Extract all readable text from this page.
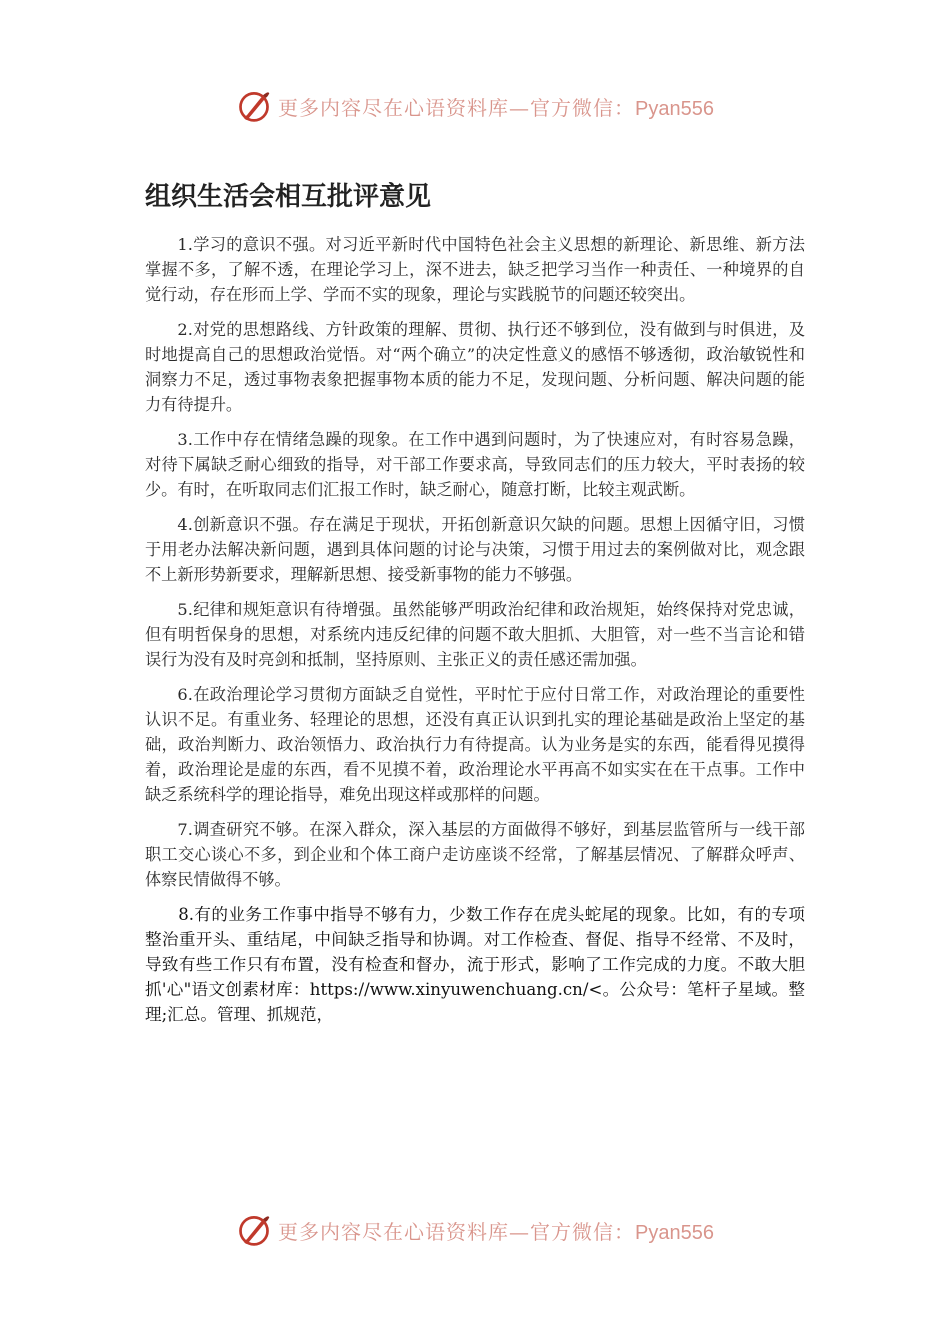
更多内容尽在心语资料库—官方微信：Pyan556
组织生活会相互批评意见

1.学习的意识不强。对习近平新时代中国特色社会主义思想的新理论、新思维、新方法掌握不多，了解不透，在理论学习上，深不进去，缺乏把学习当作一种责任、一种境界的自觉行动，存在形而上学、学而不实的现象，理论与实践脱节的问题还较突出。

2.对党的思想路线、方针政策的理解、贯彻、执行还不够到位，没有做到与时俱进，及时地提高自己的思想政治觉悟。对“两个确立”的决定性意义的感悟不够透彻，政治敏锐性和洞察力不足，透过事物表象把握事物本质的能力不足，发现问题、分析问题、解决问题的能力有待提升。

3.工作中存在情绪急躁的现象。在工作中遇到问题时，为了快速应对，有时容易急躁，对待下属缺乏耐心细致的指导，对干部工作要求高，导致同志们的压力较大，平时表扬的较少。有时，在听取同志们汇报工作时，缺乏耐心，随意打断，比较主观武断。

4.创新意识不强。存在满足于现状，开拓创新意识欠缺的问题。思想上因循守旧，习惯于用老办法解决新问题，遇到具体问题的讨论与决策，习惯于用过去的案例做对比，观念跟不上新形势新要求，理解新思想、接受新事物的能力不够强。

5.纪律和规矩意识有待增强。虽然能够严明政治纪律和政治规矩，始终保持对党忠诚，但有明哲保身的思想，对系统内违反纪律的问题不敢大胆抓、大胆管，对一些不当言论和错误行为没有及时亮剑和抵制，坚持原则、主张正义的责任感还需加强。

6.在政治理论学习贯彻方面缺乏自觉性，平时忙于应付日常工作，对政治理论的重要性认识不足。有重业务、轻理论的思想，还没有真正认识到扎实的理论基础是政治上坚定的基础，政治判断力、政治领悟力、政治执行力有待提高。认为业务是实的东西，能看得见摸得着，政治理论是虚的东西，看不见摸不着，政治理论水平再高不如实实在在干点事。工作中缺乏系统科学的理论指导，难免出现这样或那样的问题。

7.调查研究不够。在深入群众，深入基层的方面做得不够好，到基层监管所与一线干部职工交心谈心不多，到企业和个体工商户走访座谈不经常，了解基层情况、了解群众呼声、体察民情做得不够。

8.有的业务工作事中指导不够有力，少数工作存在虎头蛇尾的现象。比如，有的专项整治重开头、重结尾，中间缺乏指导和协调。对工作检查、督促、指导不经常、不及时，导致有些工作只有布置，没有检查和督办，流于形式，影响了工作完成的力度。不敢大胆抓'心"语文创素材库：https://www.xinyuwenchuang.cn/<。公众号：笔杆子星域。整理;汇总。管理、抓规范，

更多内容尽在心语资料库—官方微信：Pyan556
